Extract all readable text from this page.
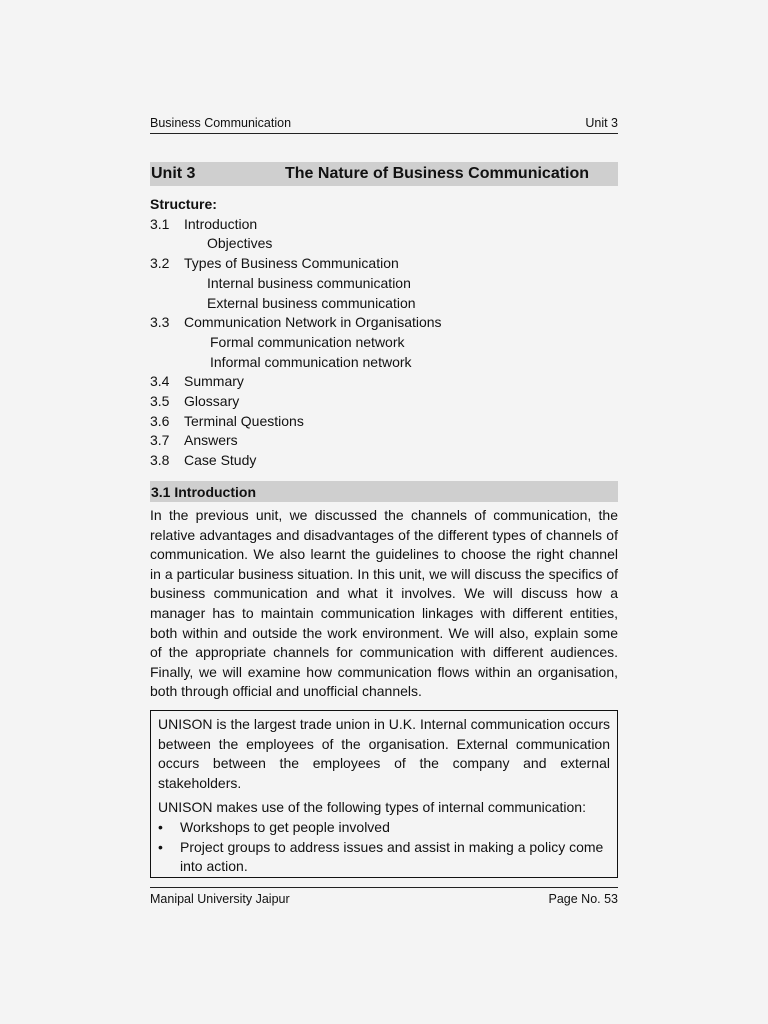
Business Communication	Unit 3
Unit 3	The Nature of Business Communication
Structure:
3.1	Introduction
Objectives
3.2	Types of Business Communication
Internal business communication
External business communication
3.3	Communication Network in Organisations
Formal communication network
Informal communication network
3.4	Summary
3.5	Glossary
3.6	Terminal Questions
3.7	Answers
3.8	Case Study
3.1 Introduction

In the previous unit, we discussed the channels of communication, the relative advantages and disadvantages of the different types of channels of communication. We also learnt the guidelines to choose the right channel in a particular business situation. In this unit, we will discuss the specifics of business communication and what it involves. We will discuss how a manager has to maintain communication linkages with different entities, both within and outside the work environment. We will also, explain some of the appropriate channels for communication with different audiences. Finally, we will examine how communication flows within an organisation, both through official and unofficial channels.

UNISON is the largest trade union in U.K. Internal communication occurs between the employees of the organisation. External communication occurs between the employees of the company and external stakeholders.

UNISON makes use of the following types of internal communication:

•	Workshops to get people involved
•	Project groups to address issues and assist in making a policy come into action.
Manipal University Jaipur	Page No. 53
